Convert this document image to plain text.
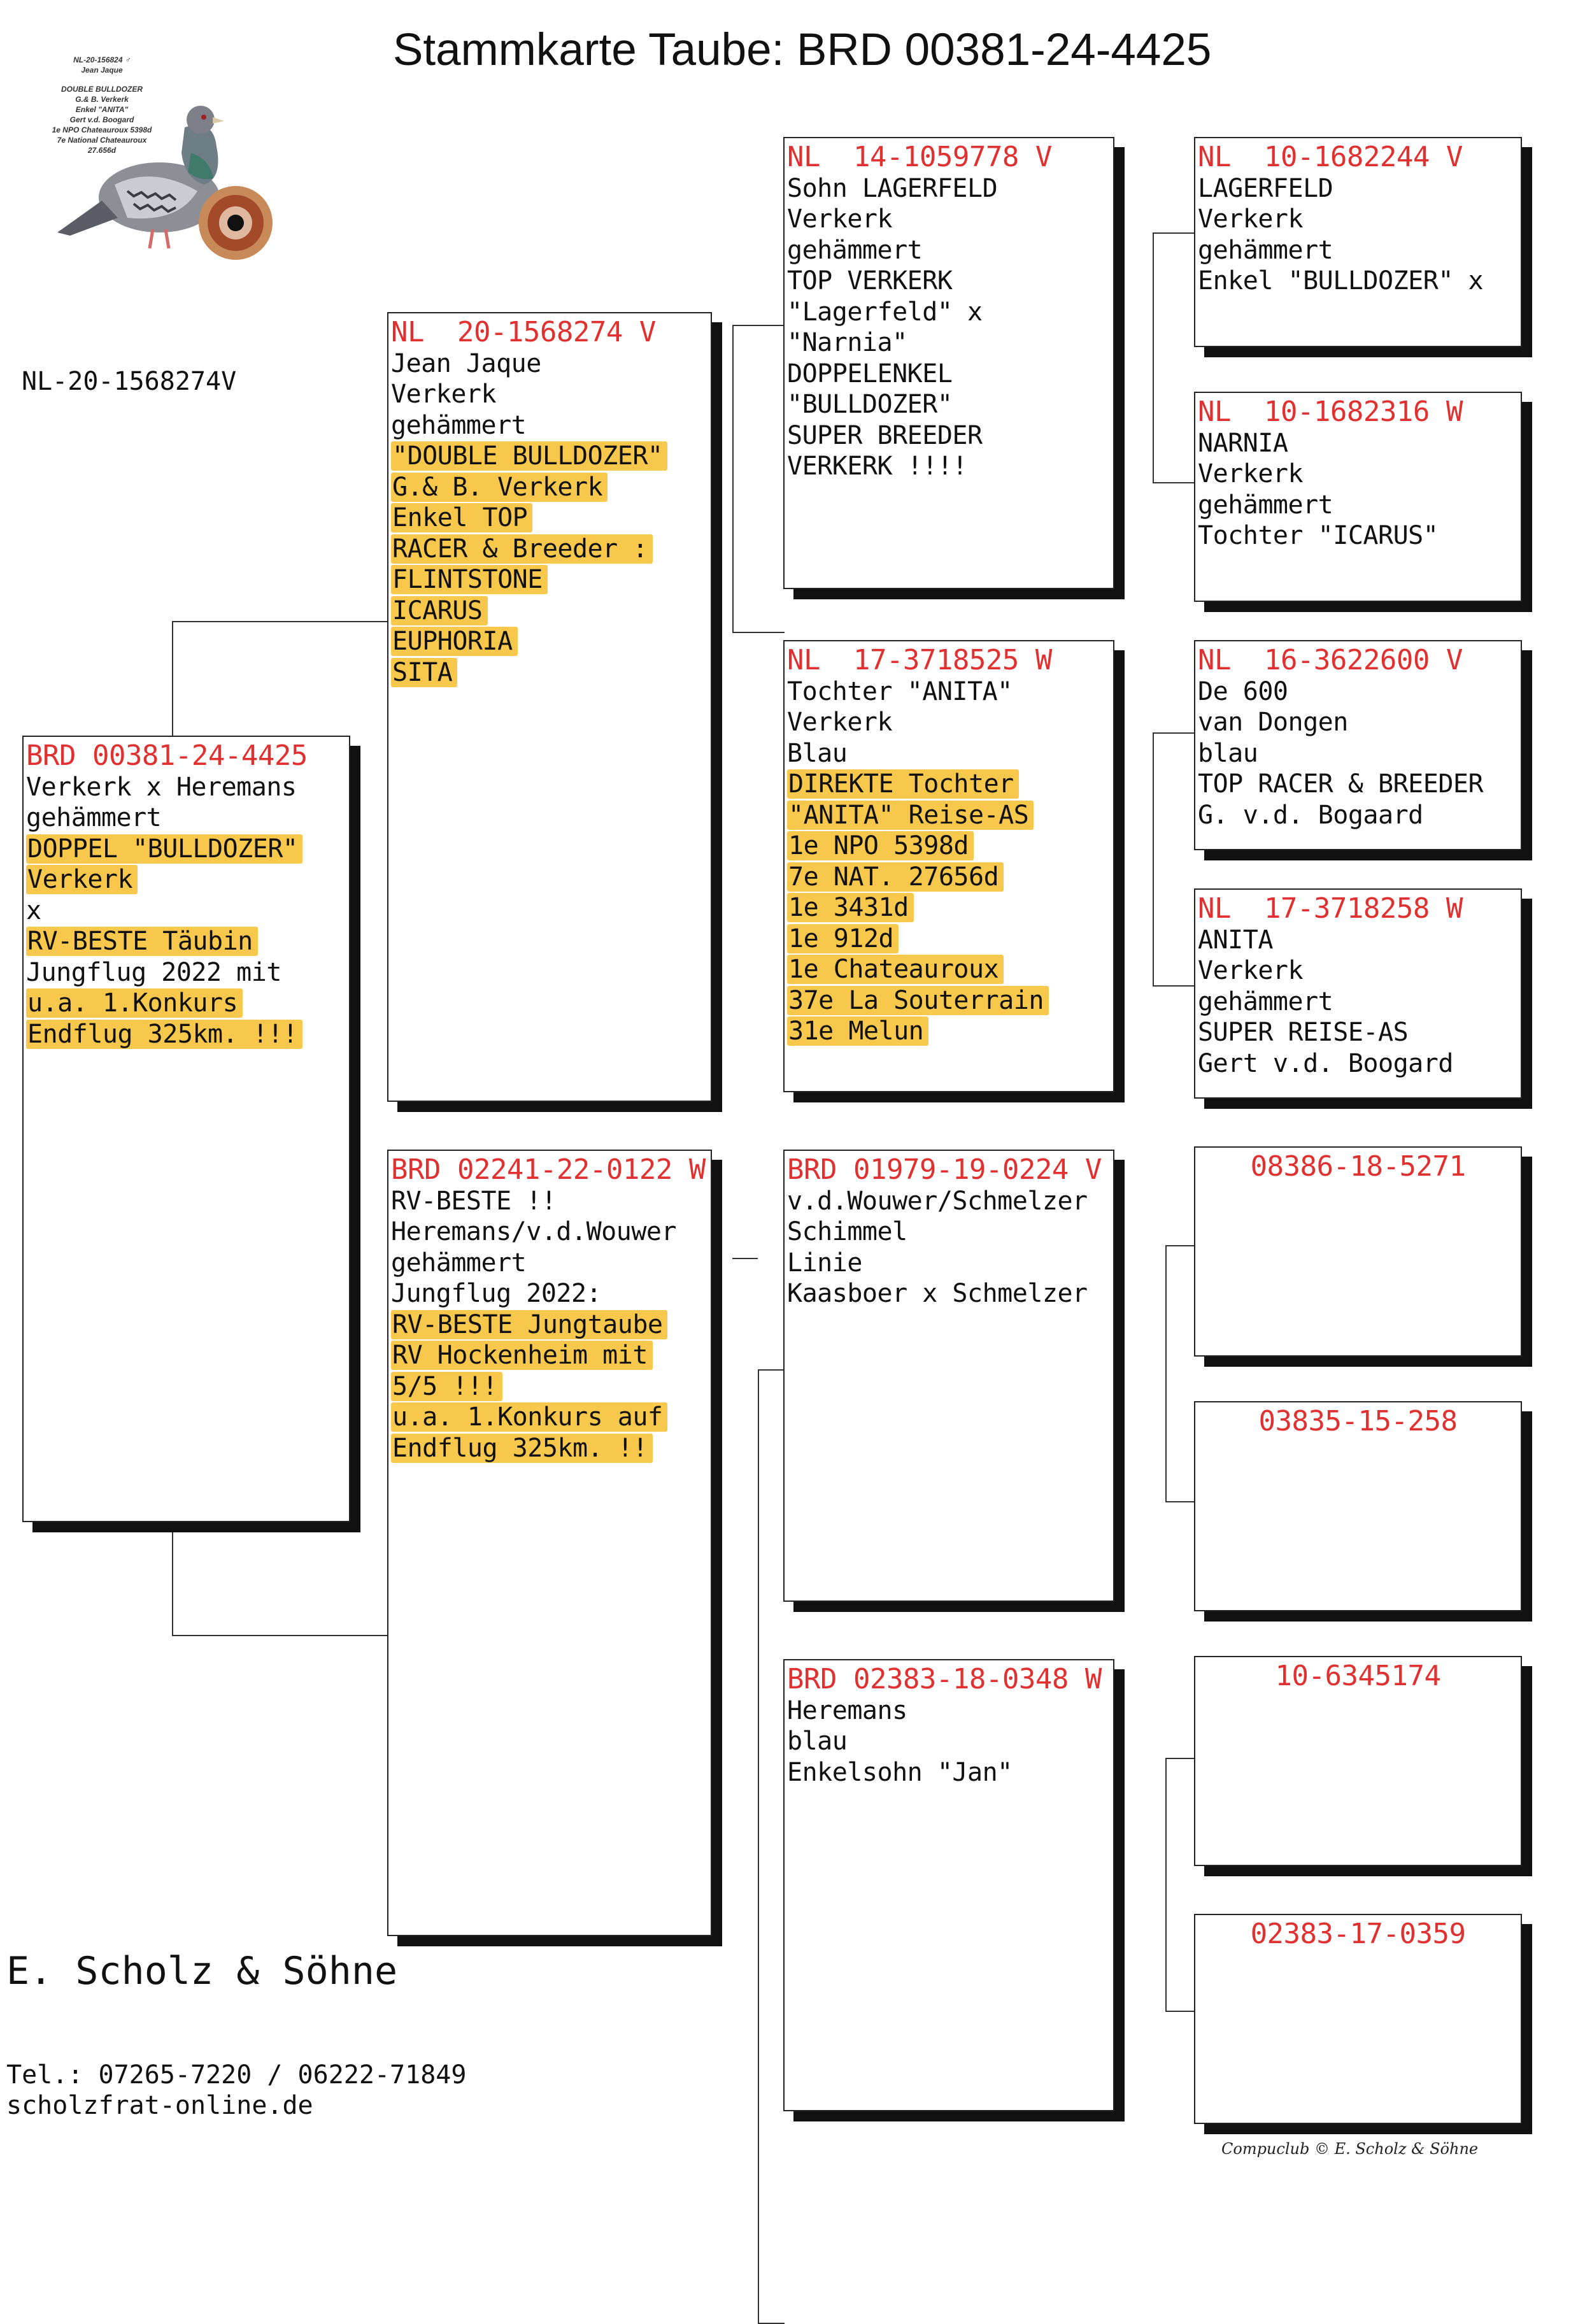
Stammkarte Taube: BRD 00381-24-4425
NL-20-156824 ♂
Jean Jaque
DOUBLE BULLDOZER
G.& B. Verkerk
Enkel "ANITA"
Gert v.d. Boogard
1e NPO Chateauroux 5398d
7e National Chateauroux
27.656d
NL-20-1568274V
BRD 00381-24-4425
Verkerk x Heremans
gehämmert
DOPPEL "BULLDOZER"
Verkerk
x
RV-BESTE Täubin
Jungflug 2022 mit
u.a. 1.Konkurs
Endflug 325km. !!!
NL  20-1568274 V
Jean Jaque
Verkerk
gehämmert
"DOUBLE BULLDOZER"
G.& B. Verkerk
Enkel TOP
RACER & Breeder :
FLINTSTONE
ICARUS
EUPHORIA
SITA
BRD 02241-22-0122 W
RV-BESTE !!
Heremans/v.d.Wouwer
gehämmert
Jungflug 2022:
RV-BESTE Jungtaube
RV Hockenheim mit
5/5 !!!
u.a. 1.Konkurs auf
Endflug 325km. !!
NL  14-1059778 V
Sohn LAGERFELD
Verkerk
gehämmert
TOP VERKERK
"Lagerfeld" x
"Narnia"
DOPPELENKEL
"BULLDOZER"
SUPER BREEDER
VERKERK !!!!
NL  17-3718525 W
Tochter "ANITA"
Verkerk
Blau
DIREKTE Tochter
"ANITA" Reise-AS
1e NPO 5398d
7e NAT. 27656d
1e 3431d
1e 912d
1e Chateauroux
37e La Souterrain
31e Melun
BRD 01979-19-0224 V
v.d.Wouwer/Schmelzer
Schimmel
Linie
Kaasboer x Schmelzer
BRD 02383-18-0348 W
Heremans
blau
Enkelsohn "Jan"
NL  10-1682244 V
LAGERFELD
Verkerk
gehämmert
Enkel "BULLDOZER" x
NL  10-1682316 W
NARNIA
Verkerk
gehämmert
Tochter "ICARUS"
NL  16-3622600 V
De 600
van Dongen
blau
TOP RACER & BREEDER
G. v.d. Bogaard
NL  17-3718258 W
ANITA
Verkerk
gehämmert
SUPER REISE-AS
Gert v.d. Boogard
08386-18-5271
03835-15-258
10-6345174
02383-17-0359
E. Scholz & Söhne
Tel.: 07265-7220 / 06222-71849
scholzfrat-online.de
Compuclub © E. Scholz & Söhne
